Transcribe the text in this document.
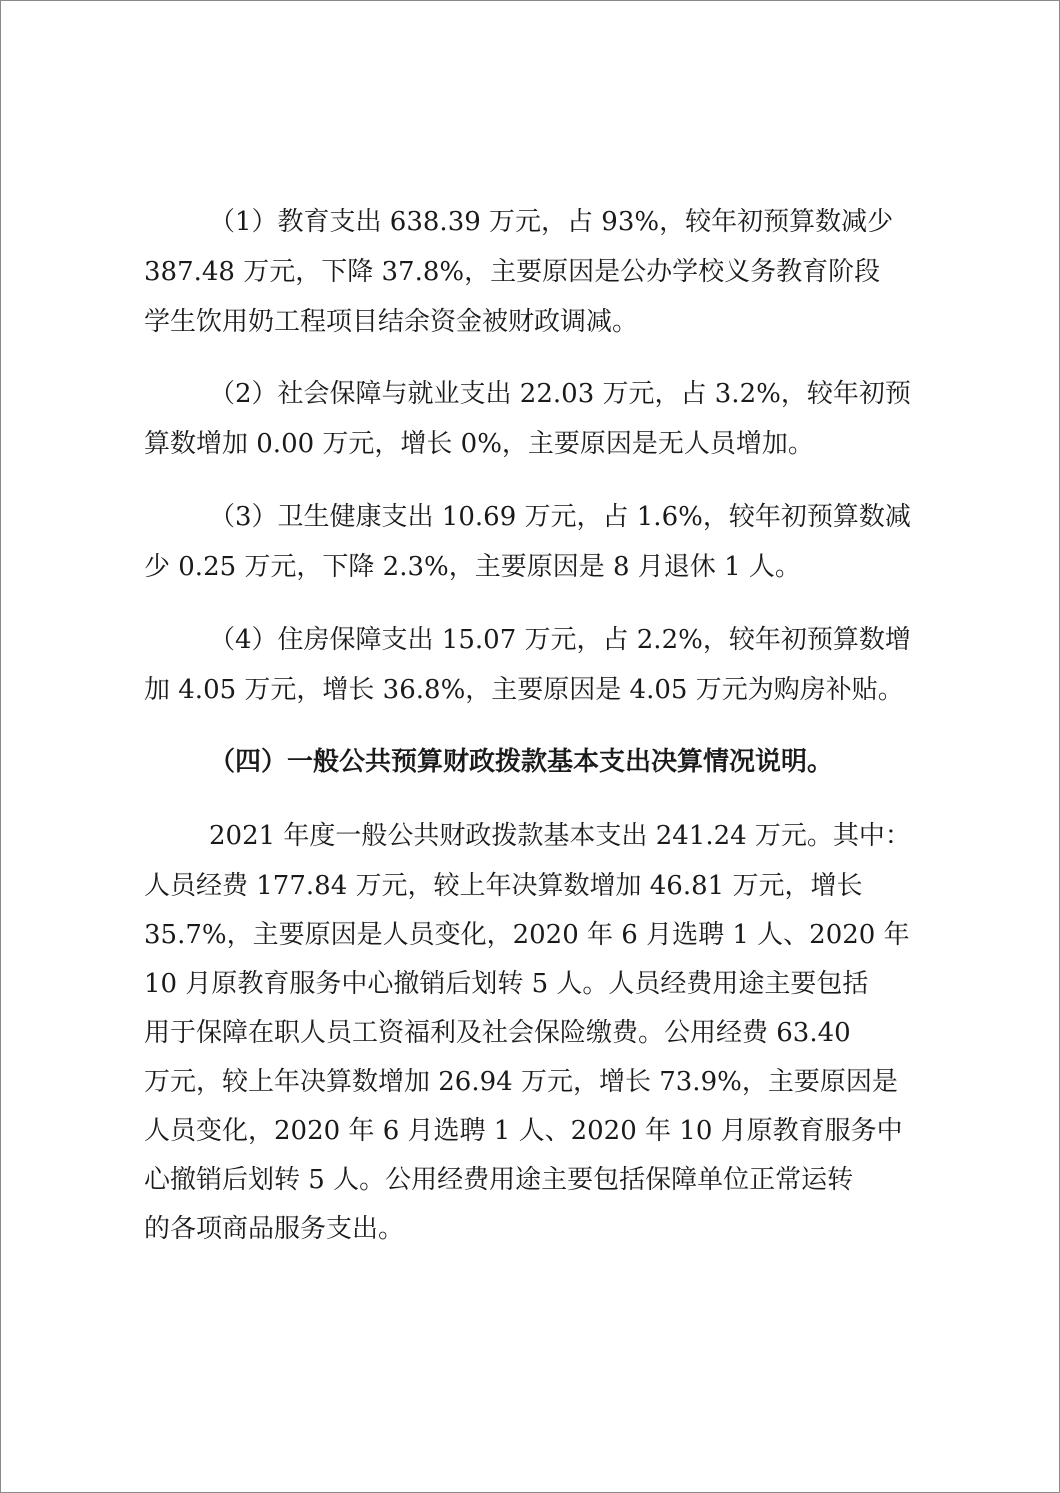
（1）教育支出 638.39 万元，占 93%，较年初预算数减少
387.48 万元，下降 37.8%，主要原因是公办学校义务教育阶段
学生饮用奶工程项目结余资金被财政调减。
（2）社会保障与就业支出 22.03 万元，占 3.2%，较年初预
算数增加 0.00 万元，增长 0%，主要原因是无人员增加。
（3）卫生健康支出 10.69 万元，占 1.6%，较年初预算数减
少 0.25 万元，下降 2.3%，主要原因是 8 月退休 1 人。
（4）住房保障支出 15.07 万元，占 2.2%，较年初预算数增
加 4.05 万元，增长 36.8%，主要原因是 4.05 万元为购房补贴。
（四）一般公共预算财政拨款基本支出决算情况说明。
2021 年度一般公共财政拨款基本支出 241.24 万元。其中：
人员经费 177.84 万元，较上年决算数增加 46.81 万元，增长
35.7%，主要原因是人员变化，2020 年 6 月选聘 1 人、2020 年
10 月原教育服务中心撤销后划转 5 人。人员经费用途主要包括
用于保障在职人员工资福利及社会保险缴费。公用经费 63.40
万元，较上年决算数增加 26.94 万元，增长 73.9%，主要原因是
人员变化，2020 年 6 月选聘 1 人、2020 年 10 月原教育服务中
心撤销后划转 5 人。公用经费用途主要包括保障单位正常运转
的各项商品服务支出。
